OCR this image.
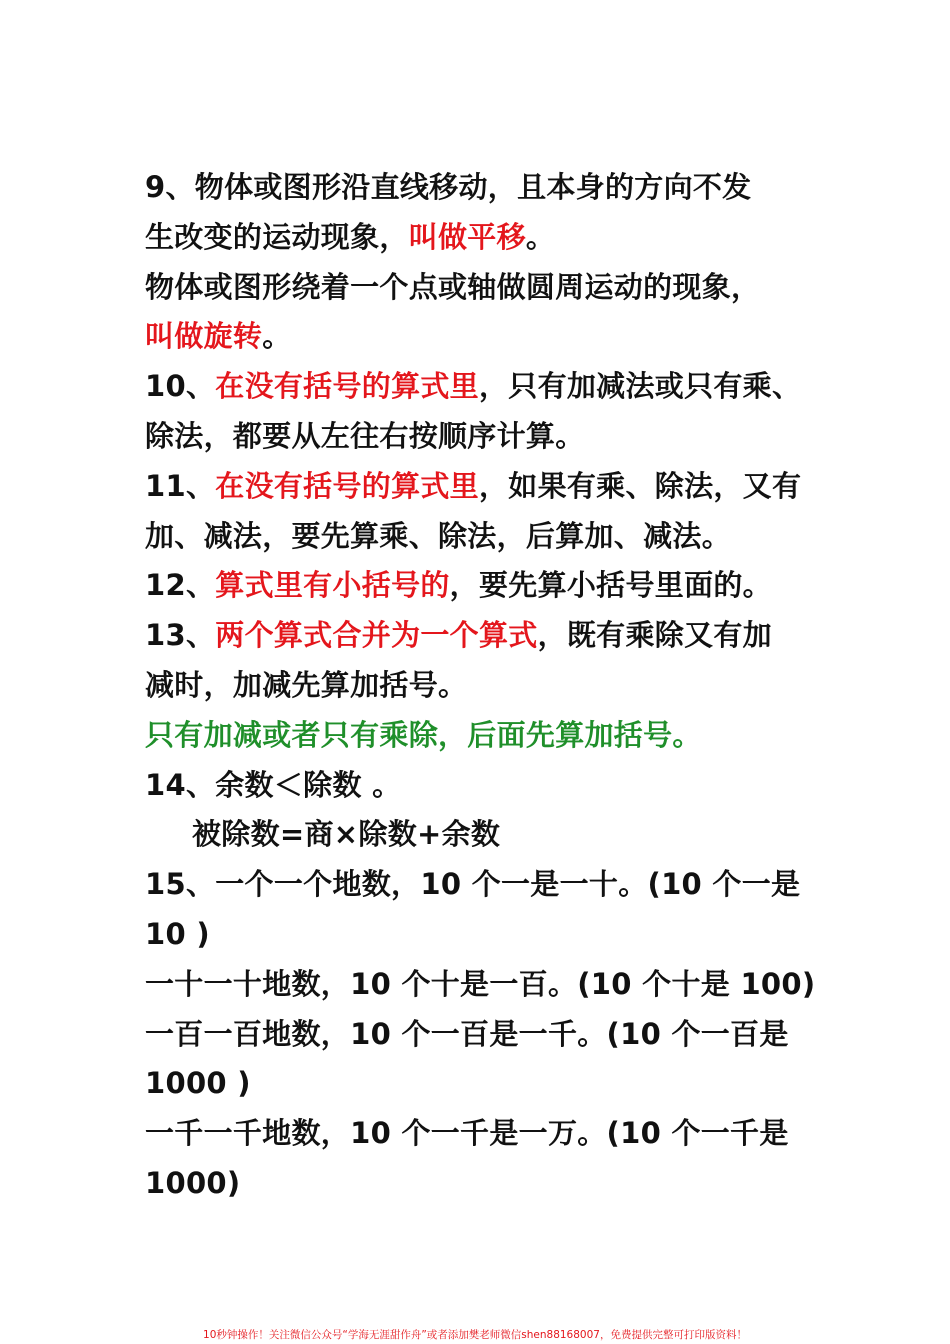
9、物体或图形沿直线移动，且本身的方向不发
生改变的运动现象，叫做平移。
物体或图形绕着一个点或轴做圆周运动的现象，
叫做旋转。
10、在没有括号的算式里，只有加减法或只有乘、
除法，都要从左往右按顺序计算。
11、在没有括号的算式里，如果有乘、除法，又有
加、减法，要先算乘、除法，后算加、减法。
12、算式里有小括号的，要先算小括号里面的。
13、两个算式合并为一个算式，既有乘除又有加
减时，加减先算加括号。
只有加减或者只有乘除，后面先算加括号。
14、余数＜除数 。
被除数=商×除数+余数
15、一个一个地数，10 个一是一十。(10 个一是
10 )
一十一十地数，10 个十是一百。(10 个十是 100)
一百一百地数，10 个一百是一千。(10 个一百是
1000 )
一千一千地数，10 个一千是一万。(10 个一千是
1000)
10秒钟操作！关注微信公众号“学海无涯甜作舟”或者添加樊老师微信shen88168007，免费提供完整可打印版资料！
